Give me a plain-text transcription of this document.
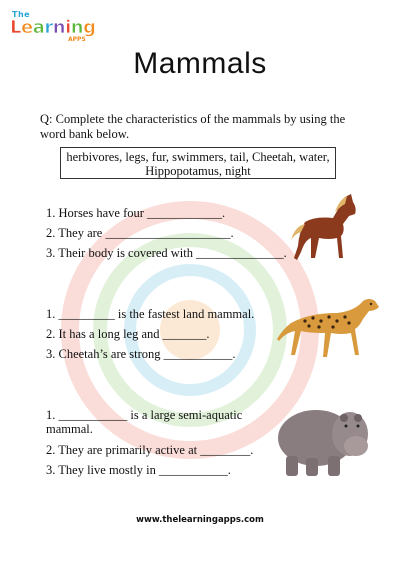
The
Learning
APPS
Mammals
Q: Complete the characteristics of the mammals by using the word bank below.
herbivores, legs, fur, swimmers, tail, Cheetah, water, Hippopotamus, night
1. Horses have four ____________.
2. They are ____________________.
3. Their body is covered with ______________.
1. _________ is the fastest land mammal.
2. It has a long leg and _______.
3. Cheetah’s are strong ___________.
1. ___________ is a large semi-aquatic mammal.
2. They are primarily active at ________.
3. They live mostly in ___________.
www.thelearningapps.com
